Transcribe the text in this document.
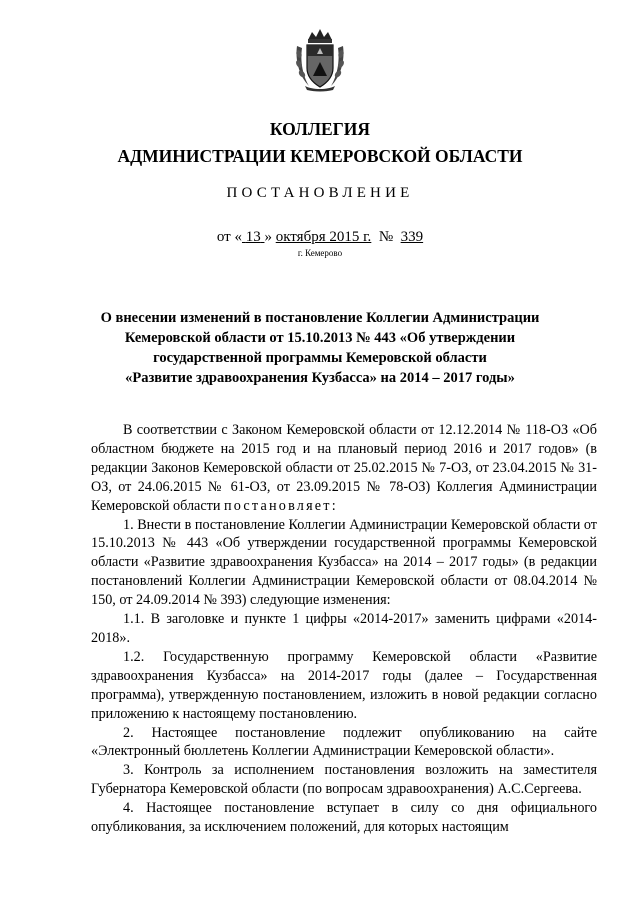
КОЛЛЕГИЯ
АДМИНИСТРАЦИИ КЕМЕРОВСКОЙ ОБЛАСТИ
ПОСТАНОВЛЕНИЕ
от « 13 » октября 2015 г. № 339
г. Кемерово
О внесении изменений в постановление Коллегии Администрации
Кемеровской области от 15.10.2013 № 443 «Об утверждении
государственной программы Кемеровской области
«Развитие здравоохранения Кузбасса» на 2014 – 2017 годы»

В соответствии с Законом Кемеровской области от 12.12.2014 № 118-ОЗ «Об областном бюджете на 2015 год и на плановый период 2016 и 2017 годов» (в редакции Законов Кемеровской области от 25.02.2015 № 7-ОЗ, от 23.04.2015 № 31-ОЗ, от 24.06.2015 № 61-ОЗ, от 23.09.2015 № 78-ОЗ) Коллегия Администрации Кемеровской области постановляет:

1. Внести в постановление Коллегии Администрации Кемеровской области от 15.10.2013 № 443 «Об утверждении государственной программы Кемеровской области «Развитие здравоохранения Кузбасса» на 2014 – 2017 годы» (в редакции постановлений Коллегии Администрации Кемеровской области от 08.04.2014 № 150, от 24.09.2014 № 393) следующие изменения:

1.1. В заголовке и пункте 1 цифры «2014-2017» заменить цифрами «2014-2018».

1.2. Государственную программу Кемеровской области «Развитие здравоохранения Кузбасса» на 2014-2017 годы (далее – Государственная программа), утвержденную постановлением, изложить в новой редакции согласно приложению к настоящему постановлению.

2. Настоящее постановление подлежит опубликованию на сайте «Электронный бюллетень Коллегии Администрации Кемеровской области».

3. Контроль за исполнением постановления возложить на заместителя Губернатора Кемеровской области (по вопросам здравоохранения) А.С.Сергеева.

4. Настоящее постановление вступает в силу со дня официального опубликования, за исключением положений, для которых настоящим
